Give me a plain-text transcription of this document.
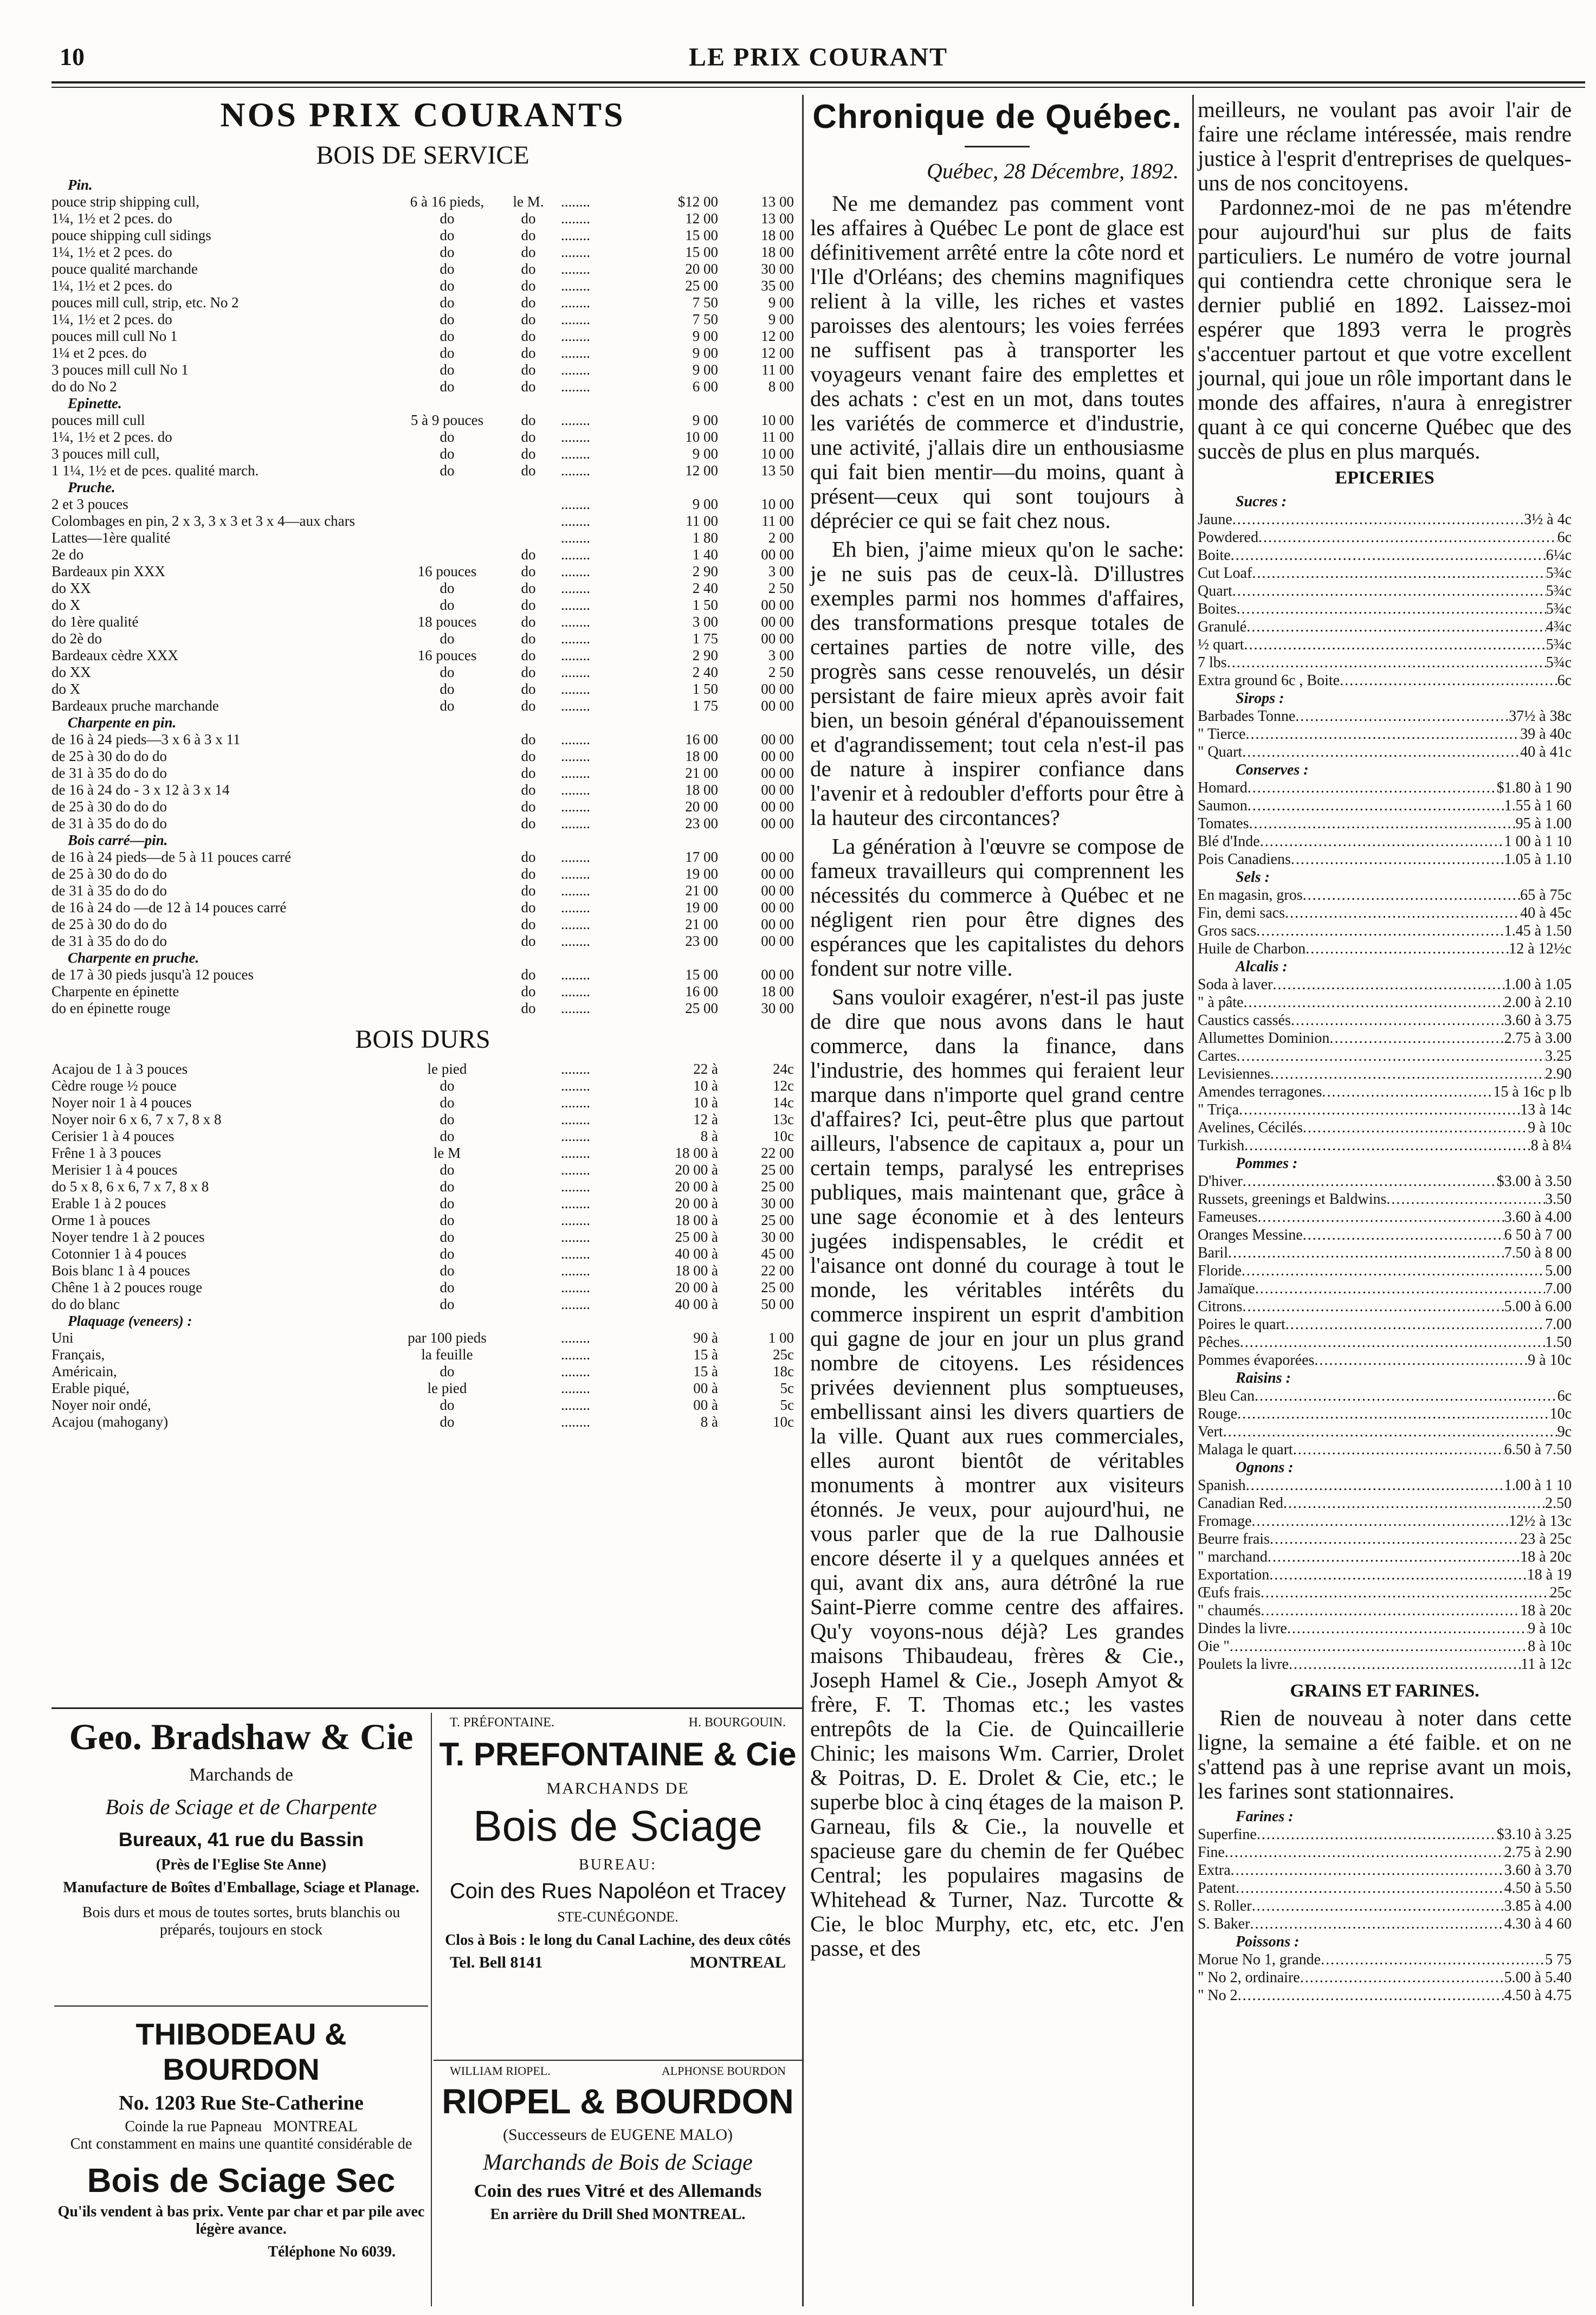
10	LE PRIX COURANT
NOS PRIX COURANTS
BOIS DE SERVICE
Pin.					
pouce strip shipping cull,	6 à 16 pieds,	le M.	........	$12 00	13 00
1¼, 1½ et 2 pces. do	do	do	........	12 00	13 00
pouce shipping cull sidings	do	do	........	15 00	18 00
1¼, 1½ et 2 pces. do	do	do	........	15 00	18 00
pouce qualité marchande	do	do	........	20 00	30 00
1¼, 1½ et 2 pces. do	do	do	........	25 00	35 00
pouces mill cull, strip, etc. No 2	do	do	........	7 50	9 00
1¼, 1½ et 2 pces. do	do	do	........	7 50	9 00
pouces mill cull No 1	do	do	........	9 00	12 00
1¼ et 2 pces. do	do	do	........	9 00	12 00
3 pouces mill cull No 1	do	do	........	9 00	11 00
do do No 2	do	do	........	6 00	8 00
Epinette.					
pouces mill cull	5 à 9 pouces	do	........	9 00	10 00
1¼, 1½ et 2 pces. do	do	do	........	10 00	11 00
3 pouces mill cull,	do	do	........	9 00	10 00
1 1¼, 1½ et de pces. qualité march.	do	do	........	12 00	13 50
Pruche.					
2 et 3 pouces			........	9 00	10 00
Colombages en pin, 2 x 3, 3 x 3 et 3 x 4—aux chars			........	11 00	11 00
Lattes—1ère qualité			........	1 80	2 00
2e do		do	........	1 40	00 00
Bardeaux pin XXX	16 pouces	do	........	2 90	3 00
do XX	do	do	........	2 40	2 50
do X	do	do	........	1 50	00 00
do 1ère qualité	18 pouces	do	........	3 00	00 00
do 2è do	do	do	........	1 75	00 00
Bardeaux cèdre XXX	16 pouces	do	........	2 90	3 00
do XX	do	do	........	2 40	2 50
do X	do	do	........	1 50	00 00
Bardeaux pruche marchande	do	do	........	1 75	00 00
Charpente en pin.					
de 16 à 24 pieds—3 x 6 à 3 x 11		do	........	16 00	00 00
de 25 à 30 do do do		do	........	18 00	00 00
de 31 à 35 do do do		do	........	21 00	00 00
de 16 à 24 do - 3 x 12 à 3 x 14		do	........	18 00	00 00
de 25 à 30 do do do		do	........	20 00	00 00
de 31 à 35 do do do		do	........	23 00	00 00
Bois carré—pin.					
de 16 à 24 pieds—de 5 à 11 pouces carré		do	........	17 00	00 00
de 25 à 30 do do do		do	........	19 00	00 00
de 31 à 35 do do do		do	........	21 00	00 00
de 16 à 24 do —de 12 à 14 pouces carré		do	........	19 00	00 00
de 25 à 30 do do do		do	........	21 00	00 00
de 31 à 35 do do do		do	........	23 00	00 00
Charpente en pruche.					
de 17 à 30 pieds jusqu'à 12 pouces		do	........	15 00	00 00
Charpente en épinette		do	........	16 00	18 00
do en épinette rouge		do	........	25 00	30 00
BOIS DURS
Acajou de 1 à 3 pouces	le pied		........	22 à	24c
Cèdre rouge ½ pouce	do		........	10 à	12c
Noyer noir 1 à 4 pouces	do		........	10 à	14c
Noyer noir 6 x 6, 7 x 7, 8 x 8	do		........	12 à	13c
Cerisier 1 à 4 pouces	do		........	8 à	10c
Frêne 1 à 3 pouces	le M		........	18 00 à	22 00
Merisier 1 à 4 pouces	do		........	20 00 à	25 00
do 5 x 8, 6 x 6, 7 x 7, 8 x 8	do		........	20 00 à	25 00
Erable 1 à 2 pouces	do		........	20 00 à	30 00
Orme 1 à pouces	do		........	18 00 à	25 00
Noyer tendre 1 à 2 pouces	do		........	25 00 à	30 00
Cotonnier 1 à 4 pouces	do		........	40 00 à	45 00
Bois blanc 1 à 4 pouces	do		........	18 00 à	22 00
Chêne 1 à 2 pouces rouge	do		........	20 00 à	25 00
do do blanc	do		........	40 00 à	50 00
Plaquage (veneers) :					
Uni	par 100 pieds		........	90 à	1 00
Français,	la feuille		........	15 à	25c
Américain,	do		........	15 à	18c
Erable piqué,	le pied		........	00 à	5c
Noyer noir ondé,	do		........	00 à	5c
Acajou (mahogany)	do		........	8 à	10c
Geo. Bradshaw & Cie
Marchands de
Bois de Sciage et de Charpente
Bureaux, 41 rue du Bassin
(Près de l'Eglise Ste Anne)
Manufacture de Boîtes d'Emballage, Sciage et Planage.
Bois durs et mous de toutes sortes, bruts blanchis ou préparés, toujours en stock
THIBODEAU & BOURDON
No. 1203 Rue Ste-Catherine
Coinde la rue Papneau MONTREAL
Cnt constamment en mains une quantité considérable de
Bois de Sciage Sec
Qu'ils vendent à bas prix. Vente par char et par pile avec légère avance.
Téléphone No 6039.
T. PRÉFONTAINE.	H. BOURGOUIN.
T. PREFONTAINE & Cie
MARCHANDS DE
Bois de Sciage
BUREAU:
Coin des Rues Napoléon et Tracey
STE-CUNÉGONDE.
Clos à Bois : le long du Canal Lachine, des deux côtés
Tel. Bell 8141	MONTREAL
WILLIAM RIOPEL.	ALPHONSE BOURDON
RIOPEL & BOURDON
(Successeurs de EUGENE MALO)
Marchands de Bois de Sciage
Coin des rues Vitré et des Allemands
En arrière du Drill Shed MONTREAL.
Chronique de Québec.
Québec, 28 Décembre, 1892.

Ne me demandez pas comment vont les affaires à Québec Le pont de glace est définitivement arrêté entre la côte nord et l'Ile d'Orléans; des chemins magnifiques relient à la ville, les riches et vastes paroisses des alentours; les voies ferrées ne suffisent pas à transporter les voyageurs venant faire des emplettes et des achats : c'est en un mot, dans toutes les variétés de commerce et d'industrie, une activité, j'allais dire un enthousiasme qui fait bien mentir—du moins, quant à présent—ceux qui sont toujours à déprécier ce qui se fait chez nous.

Eh bien, j'aime mieux qu'on le sache: je ne suis pas de ceux-là. D'illustres exemples parmi nos hommes d'affaires, des transformations presque totales de certaines parties de notre ville, des progrès sans cesse renouvelés, un désir persistant de faire mieux après avoir fait bien, un besoin général d'épanouissement et d'agrandissement; tout cela n'est-il pas de nature à inspirer confiance dans l'avenir et à redoubler d'efforts pour être à la hauteur des circontances?

La génération à l'œuvre se compose de fameux travailleurs qui comprennent les nécessités du commerce à Québec et ne négligent rien pour être dignes des espérances que les capitalistes du dehors fondent sur notre ville.

Sans vouloir exagérer, n'est-il pas juste de dire que nous avons dans le haut commerce, dans la finance, dans l'industrie, des hommes qui feraient leur marque dans n'importe quel grand centre d'affaires? Ici, peut-être plus que partout ailleurs, l'absence de capitaux a, pour un certain temps, paralysé les entreprises publiques, mais maintenant que, grâce à une sage économie et à des lenteurs jugées indispensables, le crédit et l'aisance ont donné du courage à tout le monde, les véritables intérêts du commerce inspirent un esprit d'ambition qui gagne de jour en jour un plus grand nombre de citoyens. Les résidences privées deviennent plus somptueuses, embellissant ainsi les divers quartiers de la ville. Quant aux rues commerciales, elles auront bientôt de véritables monuments à montrer aux visiteurs étonnés. Je veux, pour aujourd'hui, ne vous parler que de la rue Dalhousie encore déserte il y a quelques années et qui, avant dix ans, aura détrôné la rue Saint-Pierre comme centre des affaires. Qu'y voyons-nous déjà? Les grandes maisons Thibaudeau, frères & Cie., Joseph Hamel & Cie., Joseph Amyot & frère, F. T. Thomas etc.; les vastes entrepôts de la Cie. de Quincaillerie Chinic; les maisons Wm. Carrier, Drolet & Poitras, D. E. Drolet & Cie, etc.; le superbe bloc à cinq étages de la maison P. Garneau, fils & Cie., la nouvelle et spacieuse gare du chemin de fer Québec Central; les populaires magasins de Whitehead & Turner, Naz. Turcotte & Cie, le bloc Murphy, etc, etc, etc. J'en passe, et des

meilleurs, ne voulant pas avoir l'air de faire une réclame intéressée, mais rendre justice à l'esprit d'entreprises de quelques-uns de nos concitoyens.

Pardonnez-moi de ne pas m'étendre pour aujourd'hui sur plus de faits particuliers. Le numéro de votre journal qui contiendra cette chronique sera le dernier publié en 1892. Laissez-moi espérer que 1893 verra le progrès s'accentuer partout et que votre excellent journal, qui joue un rôle important dans le monde des affaires, n'aura à enregistrer quant à ce qui concerne Québec que des succès de plus en plus marqués.

EPICERIES
Sucres :
Jaune .....	3½ à 4c
Powdered .....	6c
Boite .....	6¼c
Cut Loaf .....	5¾c
Quart .....	5¾c
Boites .....	5¾c
Granulé .....	4¾c
½ quart .....	5¾c
7 lbs .....	5¾c
Extra ground 6c , Boite .....	6c
Sirops :
Barbades Tonne .....	37½ à 38c
" Tierce .....	39 à 40c
" Quart .....	40 à 41c
Conserves :
Homard .....	$1.80 à 1 90
Saumon .....	1.55 à 1 60
Tomates .....	95 à 1.00
Blé d'Inde .....	1 00 à 1 10
Pois Canadiens .....	1.05 à 1.10
Sels :
En magasin, gros .....	65 à 75c
Fin, demi sacs .....	40 à 45c
Gros sacs .....	1.45 à 1.50
Huile de Charbon .....	12 à 12½c
Alcalis :
Soda à laver .....	1.00 à 1.05
" à pâte .....	2.00 à 2.10
Caustics cassés .....	3.60 à 3.75
Allumettes Dominion .....	2.75 à 3.00
Cartes .....	3.25
Levisiennes .....	2.90
Amendes terragones .....	15 à 16c p lb
" Triça .....	13 à 14c
Avelines, Cécilés .....	9 à 10c
Turkish .....	8 à 8¼
Pommes :
D'hiver .....	$3.00 à 3.50
Russets, greenings et Baldwins .....	3.50
Fameuses .....	3.60 à 4.00
Oranges Messine .....	6 50 à 7 00
Baril .....	7.50 à 8 00
Floride .....	5.00
Jamaïque .....	7.00
Citrons .....	5.00 à 6.00
Poires le quart .....	7.00
Pêches .....	1.50
Pommes évaporées .....	9 à 10c
Raisins :
Bleu Can .....	6c
Rouge .....	10c
Vert .....	9c
Malaga le quart .....	6.50 à 7.50
Ognons :
Spanish .....	1.00 à 1 10
Canadian Red .....	2.50
Fromage .....	12½ à 13c
Beurre frais .....	23 à 25c
" marchand .....	18 à 20c
Exportation .....	18 à 19
Œufs frais .....	25c
" chaumés .....	18 à 20c
Dindes la livre .....	9 à 10c
Oie " .....	8 à 10c
Poulets la livre .....	11 à 12c
GRAINS ET FARINES.

Rien de nouveau à noter dans cette ligne, la semaine a été faible. et on ne s'attend pas à une reprise avant un mois, les farines sont stationnaires.

Farines :
Superfine .....	$3.10 à 3.25
Fine .....	2.75 à 2.90
Extra .....	3.60 à 3.70
Patent .....	4.50 à 5.50
S. Roller .....	3.85 à 4.00
S. Baker .....	4.30 à 4 60
Poissons :
Morue No 1, grande .....	5 75
" No 2, ordinaire .....	5.00 à 5.40
" No 2 .....	4.50 à 4.75
